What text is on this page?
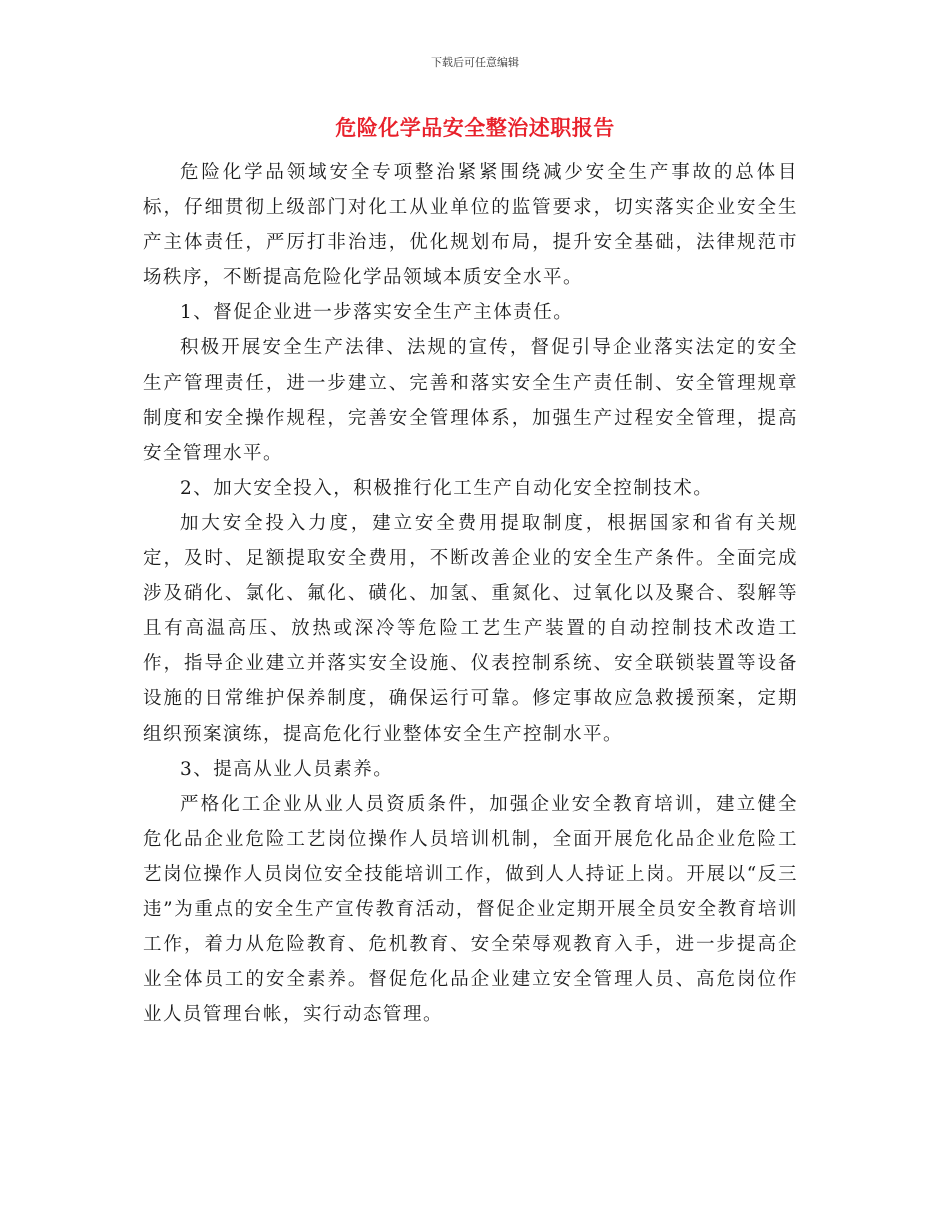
下载后可任意编辑
危险化学品安全整治述职报告

危险化学品领域安全专项整治紧紧围绕减少安全生产事故的总体目标，仔细贯彻上级部门对化工从业单位的监管要求，切实落实企业安全生产主体责任，严厉打非治违，优化规划布局，提升安全基础，法律规范市场秩序，不断提高危险化学品领域本质安全水平。

1、督促企业进一步落实安全生产主体责任。

积极开展安全生产法律、法规的宣传，督促引导企业落实法定的安全生产管理责任，进一步建立、完善和落实安全生产责任制、安全管理规章制度和安全操作规程，完善安全管理体系，加强生产过程安全管理，提高安全管理水平。

2、加大安全投入，积极推行化工生产自动化安全控制技术。

加大安全投入力度，建立安全费用提取制度，根据国家和省有关规定，及时、足额提取安全费用，不断改善企业的安全生产条件。全面完成涉及硝化、氯化、氟化、磺化、加氢、重氮化、过氧化以及聚合、裂解等且有高温高压、放热或深冷等危险工艺生产装置的自动控制技术改造工作，指导企业建立并落实安全设施、仪表控制系统、安全联锁装置等设备设施的日常维护保养制度，确保运行可靠。修定事故应急救援预案，定期组织预案演练，提高危化行业整体安全生产控制水平。

3、提高从业人员素养。

严格化工企业从业人员资质条件，加强企业安全教育培训，建立健全危化品企业危险工艺岗位操作人员培训机制，全面开展危化品企业危险工艺岗位操作人员岗位安全技能培训工作，做到人人持证上岗。开展以“反三违”为重点的安全生产宣传教育活动，督促企业定期开展全员安全教育培训工作，着力从危险教育、危机教育、安全荣辱观教育入手，进一步提高企业全体员工的安全素养。督促危化品企业建立安全管理人员、高危岗位作业人员管理台帐，实行动态管理。
